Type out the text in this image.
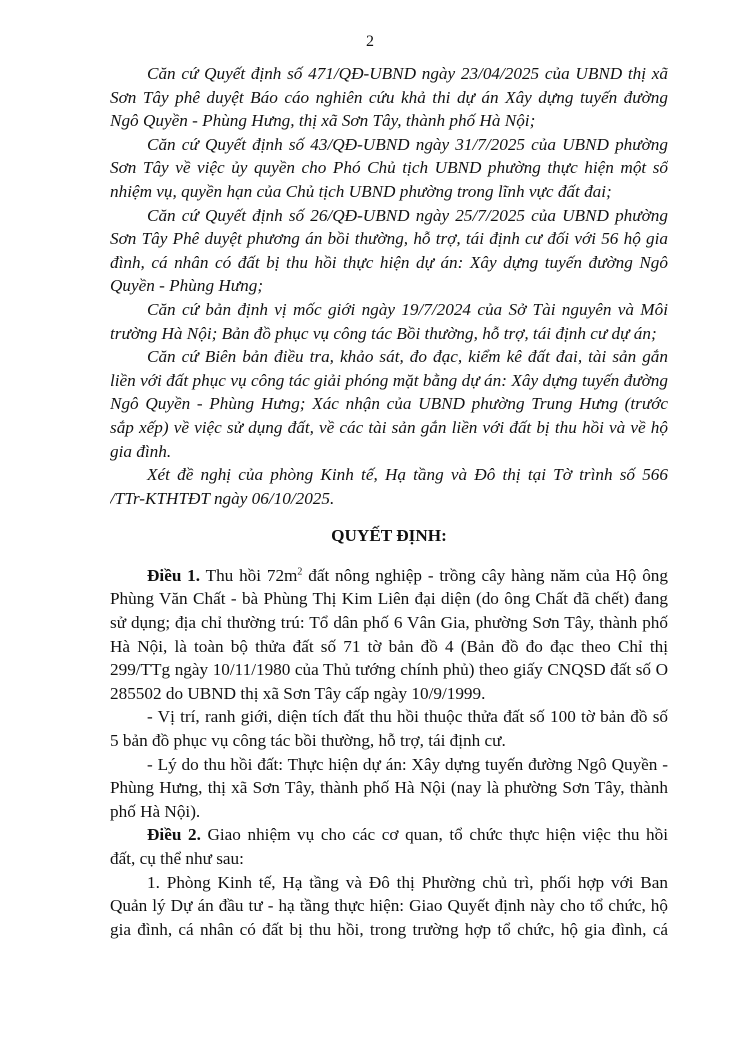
2
Căn cứ Quyết định số 471/QĐ-UBND ngày 23/04/2025 của UBND thị xã
Sơn Tây phê duyệt Báo cáo nghiên cứu khả thi dự án Xây dựng tuyến đường
Ngô Quyền - Phùng Hưng, thị xã Sơn Tây, thành phố Hà Nội;
Căn cứ Quyết định số 43/QĐ-UBND ngày 31/7/2025 của UBND phường
Sơn Tây về việc ủy quyền cho Phó Chủ tịch UBND phường thực hiện một số
nhiệm vụ, quyền hạn của Chủ tịch UBND phường trong lĩnh vực đất đai;
Căn cứ Quyết định số 26/QĐ-UBND ngày 25/7/2025 của UBND phường
Sơn Tây Phê duyệt phương án bồi thường, hỗ trợ, tái định cư đối với 56 hộ gia
đình, cá nhân có đất bị thu hồi thực hiện dự án: Xây dựng tuyến đường Ngô
Quyền - Phùng Hưng;
Căn cứ bản định vị mốc giới ngày 19/7/2024 của Sở Tài nguyên và Môi
trường Hà Nội; Bản đồ phục vụ công tác Bồi thường, hỗ trợ, tái định cư dự án;
Căn cứ Biên bản điều tra, khảo sát, đo đạc, kiểm kê đất đai, tài sản gắn
liền với đất phục vụ công tác giải phóng mặt bằng dự án: Xây dựng tuyến đường
Ngô Quyền - Phùng Hưng; Xác nhận của UBND phường Trung Hưng (trước
sắp xếp) về việc sử dụng đất, về các tài sản gắn liền với đất bị thu hồi và về hộ
gia đình.
Xét đề nghị của phòng Kinh tế, Hạ tầng và Đô thị tại Tờ trình số 566
/TTr-KTHTĐT ngày 06/10/2025.
QUYẾT ĐỊNH:
Điều 1. Thu hồi $72m^2$ đất nông nghiệp - trồng cây hàng năm của Hộ ông
Phùng Văn Chất - bà Phùng Thị Kim Liên đại diện (do ông Chất đã chết) đang
sử dụng; địa chỉ thường trú: Tổ dân phố 6 Vân Gia, phường Sơn Tây, thành phố
Hà Nội, là toàn bộ thửa đất số 71 tờ bản đồ 4 (Bản đồ đo đạc theo Chỉ thị
299/TTg ngày 10/11/1980 của Thủ tướng chính phủ) theo giấy CNQSD đất số O
285502 do UBND thị xã Sơn Tây cấp ngày 10/9/1999.
- Vị trí, ranh giới, diện tích đất thu hồi thuộc thửa đất số 100 tờ bản đồ số
5 bản đồ phục vụ công tác bồi thường, hỗ trợ, tái định cư.
- Lý do thu hồi đất: Thực hiện dự án: Xây dựng tuyến đường Ngô Quyền -
Phùng Hưng, thị xã Sơn Tây, thành phố Hà Nội (nay là phường Sơn Tây, thành
phố Hà Nội).
Điều 2. Giao nhiệm vụ cho các cơ quan, tổ chức thực hiện việc thu hồi
đất, cụ thể như sau:
1. Phòng Kinh tế, Hạ tầng và Đô thị Phường chủ trì, phối hợp với Ban
Quản lý Dự án đầu tư - hạ tầng thực hiện: Giao Quyết định này cho tổ chức, hộ
gia đình, cá nhân có đất bị thu hồi, trong trường hợp tổ chức, hộ gia đình, cá
